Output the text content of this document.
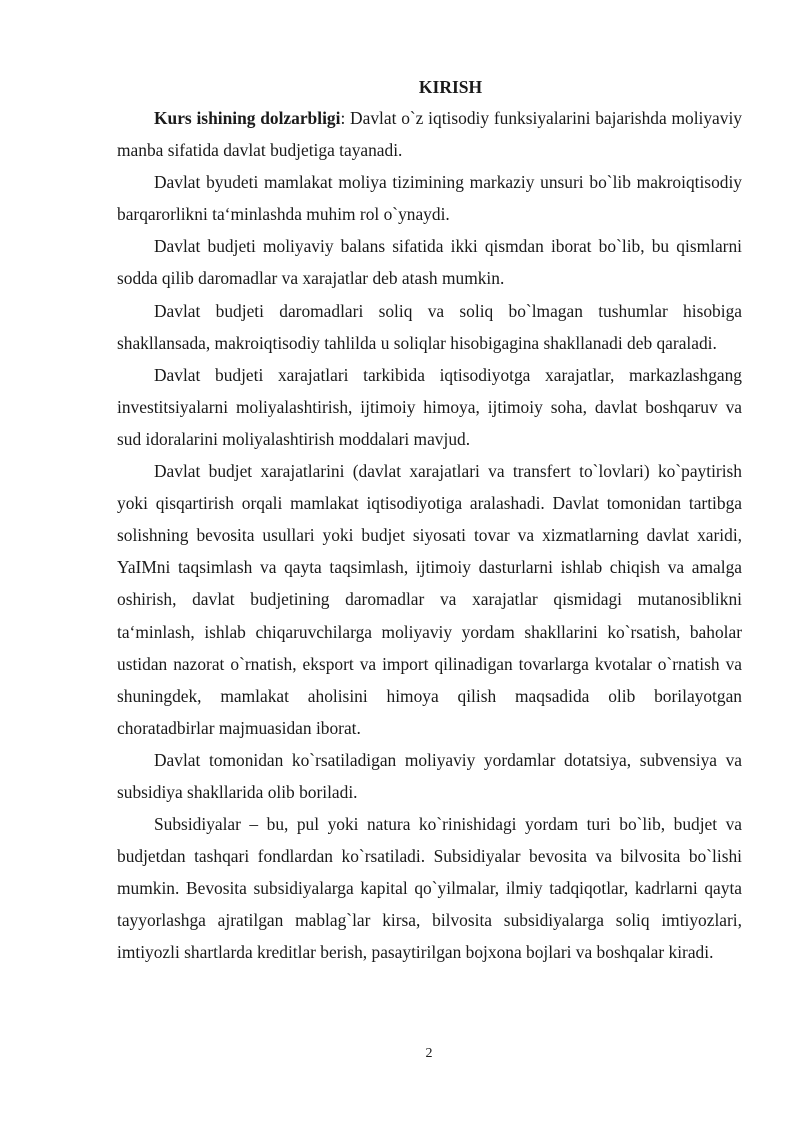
KIRISH

Kurs ishining dolzarbligi: Davlat o`z iqtisodiy funksiyalarini bajarishda moliyaviy manba sifatida davlat budjetiga tayanadi.

Davlat byudeti mamlakat moliya tizimining markaziy unsuri bo`lib makroiqtisodiy barqarorlikni ta‘minlashda muhim rol o`ynaydi.

Davlat budjeti moliyaviy balans sifatida ikki qismdan iborat bo`lib, bu qismlarni sodda qilib daromadlar va xarajatlar deb atash mumkin.

Davlat budjeti daromadlari soliq va soliq bo`lmagan tushumlar hisobiga shakllansada, makroiqtisodiy tahlilda u soliqlar hisobigagina shakllanadi deb qaraladi.

Davlat budjeti xarajatlari tarkibida iqtisodiyotga xarajatlar, markazlashgang investitsiyalarni moliyalashtirish, ijtimoiy himoya, ijtimoiy soha, davlat boshqaruv va sud idoralarini moliyalashtirish moddalari mavjud.

Davlat budjet xarajatlarini (davlat xarajatlari va transfert to`lovlari) ko`paytirish yoki qisqartirish orqali mamlakat iqtisodiyotiga aralashadi. Davlat tomonidan tartibga solishning bevosita usullari yoki budjet siyosati tovar va xizmatlarning davlat xaridi, YaIMni taqsimlash va qayta taqsimlash, ijtimoiy dasturlarni ishlab chiqish va amalga oshirish, davlat budjetining daromadlar va xarajatlar qismidagi mutanosiblikni ta‘minlash, ishlab chiqaruvchilarga moliyaviy yordam shakllarini ko`rsatish, baholar ustidan nazorat o`rnatish, eksport va import qilinadigan tovarlarga kvotalar o`rnatish va shuningdek, mamlakat aholisini himoya qilish maqsadida olib borilayotgan choratadbirlar majmuasidan iborat.

Davlat tomonidan ko`rsatiladigan moliyaviy yordamlar dotatsiya, subvensiya va subsidiya shakllarida olib boriladi.

Subsidiyalar – bu, pul yoki natura ko`rinishidagi yordam turi bo`lib, budjet va budjetdan tashqari fondlardan ko`rsatiladi. Subsidiyalar bevosita va bilvosita bo`lishi mumkin. Bevosita subsidiyalarga kapital qo`yilmalar, ilmiy tadqiqotlar, kadrlarni qayta tayyorlashga ajratilgan mablag`lar kirsa, bilvosita subsidiyalarga soliq imtiyozlari, imtiyozli shartlarda kreditlar berish, pasaytirilgan bojxona bojlari va boshqalar kiradi.

2
